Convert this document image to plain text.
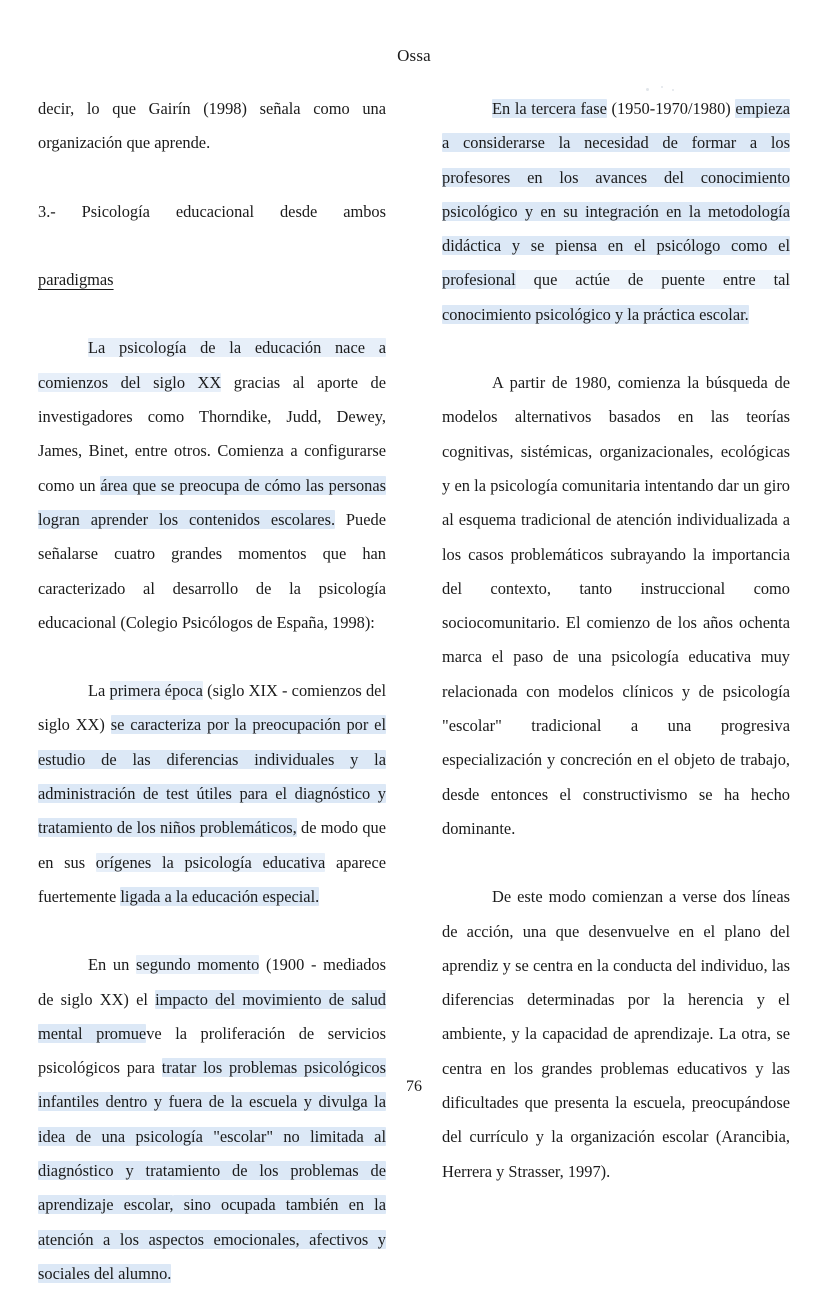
Ossa

decir, lo que Gairín (1998) señala como una organización que aprende.

3.- Psicología educacional desde ambos
paradigmas

La psicología de la educación nace a comienzos del siglo XX gracias al aporte de investigadores como Thorndike, Judd, Dewey, James, Binet, entre otros. Comienza a configurarse como un área que se preocupa de cómo las personas logran aprender los contenidos escolares. Puede señalarse cuatro grandes momentos que han caracterizado al desarrollo de la psicología educacional (Colegio Psicólogos de España, 1998):

La primera época (siglo XIX - comienzos del siglo XX) se caracteriza por la preocupación por el estudio de las diferencias individuales y la administración de test útiles para el diagnóstico y tratamiento de los niños problemáticos, de modo que en sus orígenes la psicología educativa aparece fuertemente ligada a la educación especial.

En un segundo momento (1900 - mediados de siglo XX) el impacto del movimiento de salud mental promueve la proliferación de servicios psicológicos para tratar los problemas psicológicos infantiles dentro y fuera de la escuela y divulga la idea de una psicología "escolar" no limitada al diagnóstico y tratamiento de los problemas de aprendizaje escolar, sino ocupada también en la atención a los aspectos emocionales, afectivos y sociales del alumno.

En la tercera fase (1950-1970/1980) empieza a considerarse la necesidad de formar a los profesores en los avances del conocimiento psicológico y en su integración en la metodología didáctica y se piensa en el psicólogo como el profesional que actúe de puente entre tal conocimiento psicológico y la práctica escolar.

A partir de 1980, comienza la búsqueda de modelos alternativos basados en las teorías cognitivas, sistémicas, organizacionales, ecológicas y en la psicología comunitaria intentando dar un giro al esquema tradicional de atención individualizada a los casos problemáticos subrayando la importancia del contexto, tanto instruccional como sociocomunitario. El comienzo de los años ochenta marca el paso de una psicología educativa muy relacionada con modelos clínicos y de psicología "escolar" tradicional a una progresiva especialización y concreción en el objeto de trabajo, desde entonces el constructivismo se ha hecho dominante.

De este modo comienzan a verse dos líneas de acción, una que desenvuelve en el plano del aprendiz y se centra en la conducta del individuo, las diferencias determinadas por la herencia y el ambiente, y la capacidad de aprendizaje. La otra, se centra en los grandes problemas educativos y las dificultades que presenta la escuela, preocupándose del currículo y la organización escolar (Arancibia, Herrera y Strasser, 1997).

76
